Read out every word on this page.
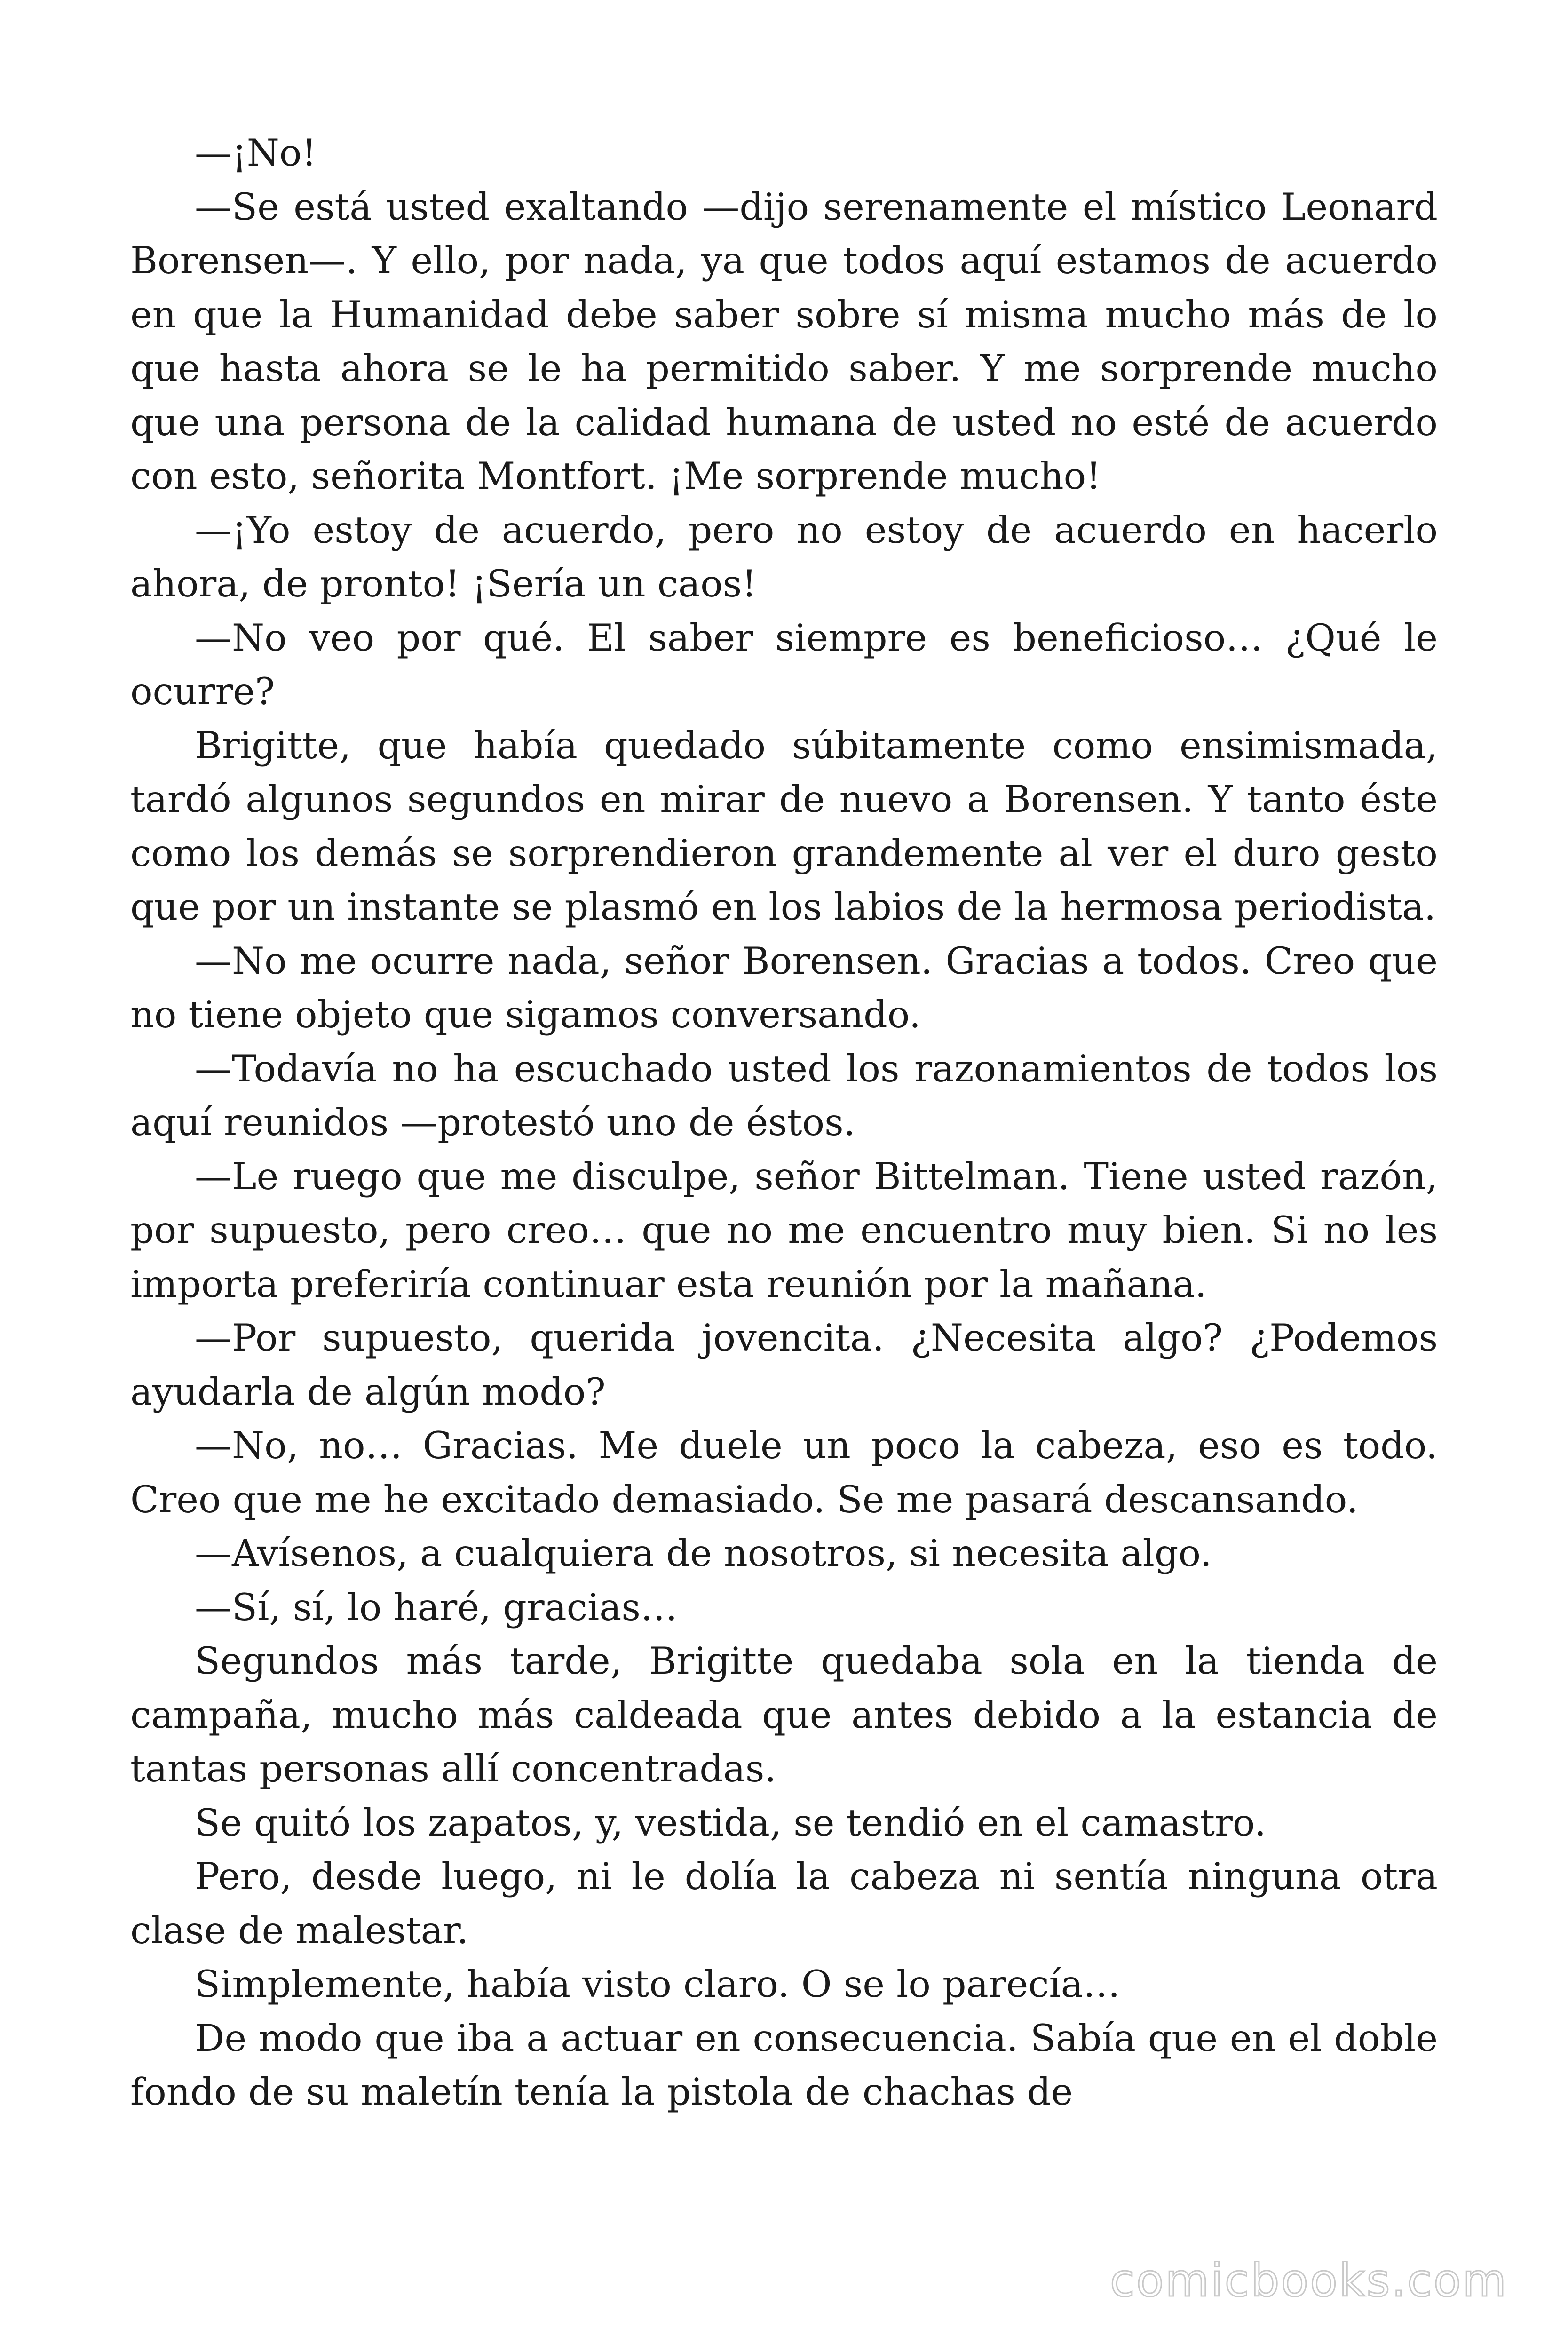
—¡No!

—Se está usted exaltando —dijo serenamente el místico Leonard Borensen—. Y ello, por nada, ya que todos aquí estamos de acuerdo en que la Humanidad debe saber sobre sí misma mucho más de lo que hasta ahora se le ha permitido saber. Y me sorprende mucho que una persona de la calidad humana de usted no esté de acuerdo con esto, señorita Montfort. ¡Me sorprende mucho!

—¡Yo estoy de acuerdo, pero no estoy de acuerdo en hacerlo ahora, de pronto! ¡Sería un caos!

—No veo por qué. El saber siempre es beneficioso… ¿Qué le ocurre?

Brigitte, que había quedado súbitamente como ensimismada, tardó algunos segundos en mirar de nuevo a Borensen. Y tanto éste como los demás se sorprendieron grandemente al ver el duro gesto que por un instante se plasmó en los labios de la hermosa periodista.

—No me ocurre nada, señor Borensen. Gracias a todos. Creo que no tiene objeto que sigamos conversando.

—Todavía no ha escuchado usted los razonamientos de todos los aquí reunidos —protestó uno de éstos.

—Le ruego que me disculpe, señor Bittelman. Tiene usted razón, por supuesto, pero creo… que no me encuentro muy bien. Si no les importa preferiría continuar esta reunión por la mañana.

—Por supuesto, querida jovencita. ¿Necesita algo? ¿Podemos ayudarla de algún modo?

—No, no… Gracias. Me duele un poco la cabeza, eso es todo. Creo que me he excitado demasiado. Se me pasará descansando.

—Avísenos, a cualquiera de nosotros, si necesita algo.

—Sí, sí, lo haré, gracias…

Segundos más tarde, Brigitte quedaba sola en la tienda de campaña, mucho más caldeada que antes debido a la estancia de tantas personas allí concentradas.

Se quitó los zapatos, y, vestida, se tendió en el camastro.

Pero, desde luego, ni le dolía la cabeza ni sentía ninguna otra clase de malestar.

Simplemente, había visto claro. O se lo parecía…

De modo que iba a actuar en consecuencia. Sabía que en el doble fondo de su maletín tenía la pistola de chachas de

comicbooks.com
